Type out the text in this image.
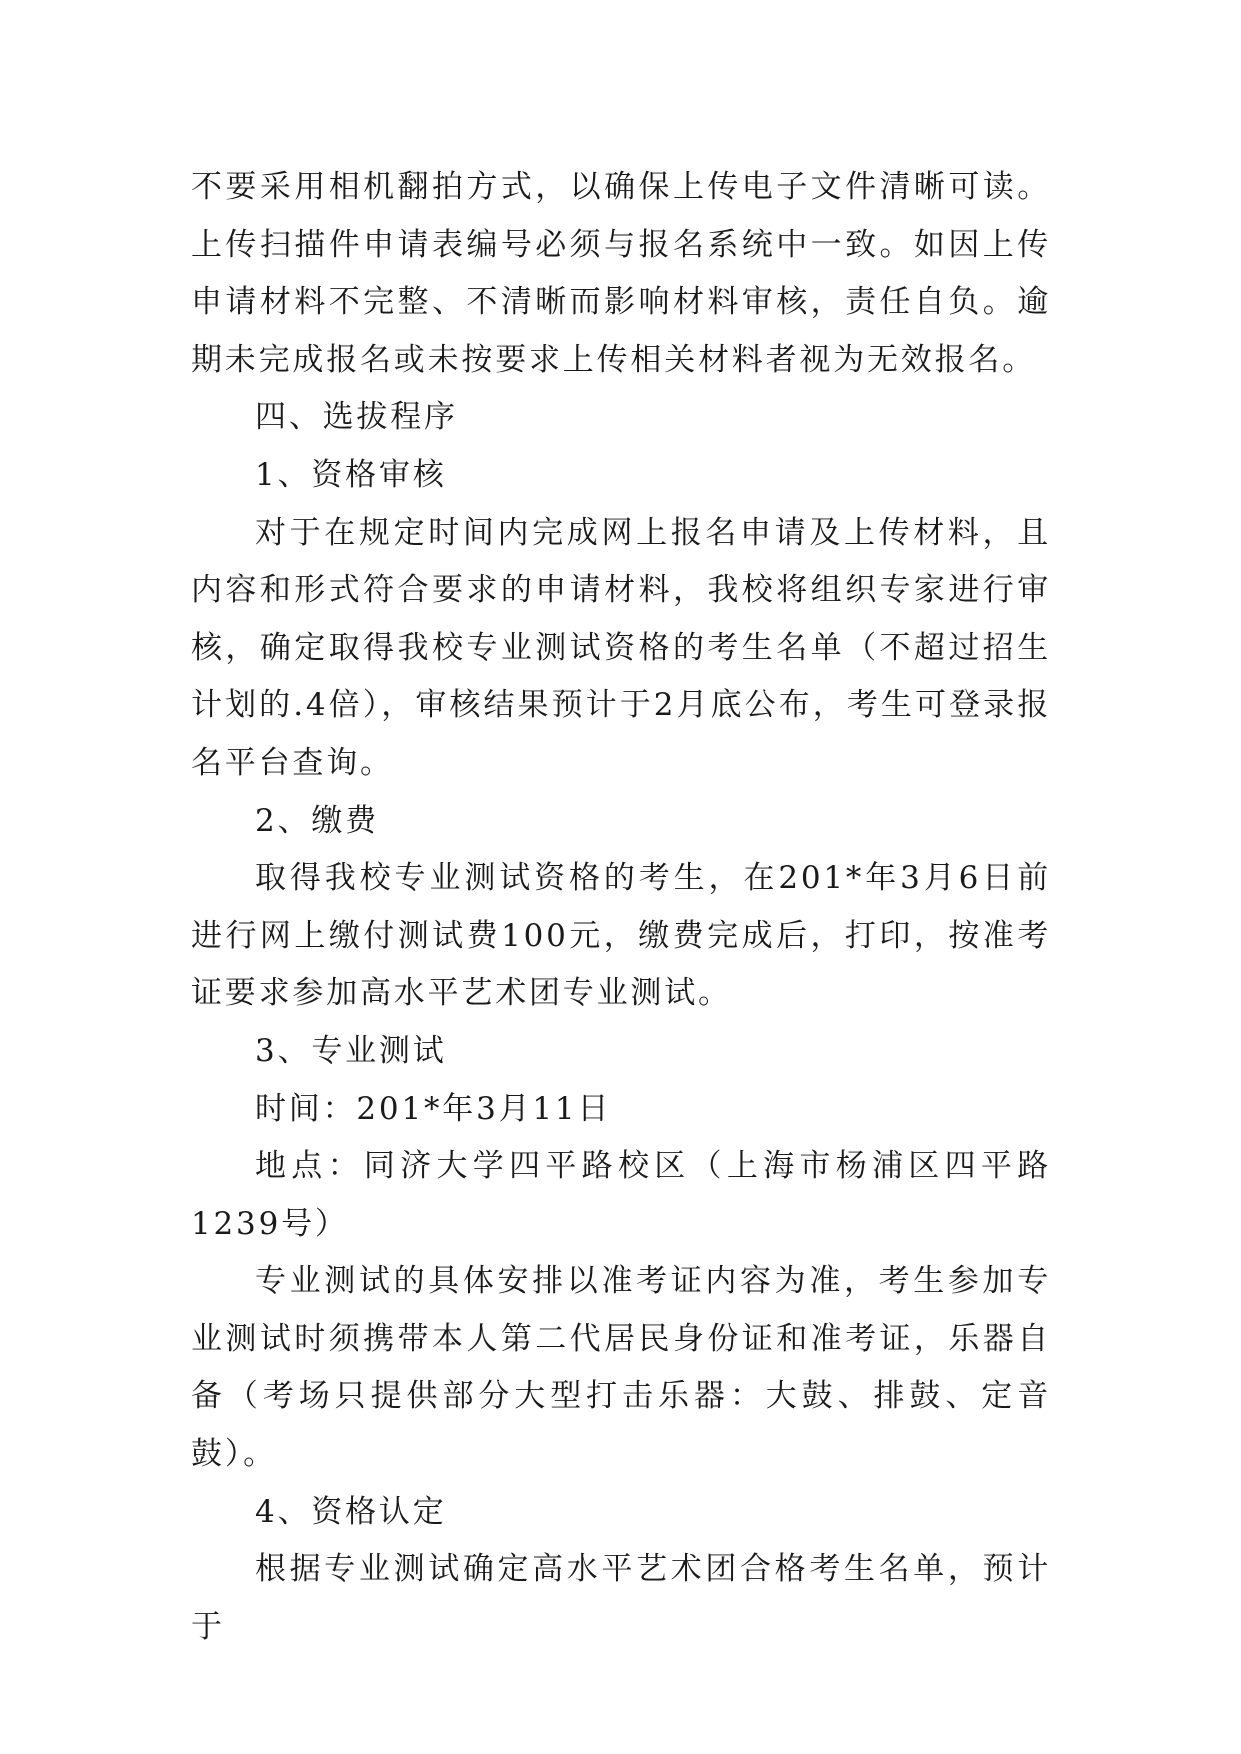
不要采用相机翻拍方式，以确保上传电子文件清晰可读。上传扫描件申请表编号必须与报名系统中一致。如因上传申请材料不完整、不清晰而影响材料审核，责任自负。逾期未完成报名或未按要求上传相关材料者视为无效报名。

四、选拔程序

1、资格审核

对于在规定时间内完成网上报名申请及上传材料，且内容和形式符合要求的申请材料，我校将组织专家进行审核，确定取得我校专业测试资格的考生名单（不超过招生计划的.4倍），审核结果预计于2月底公布，考生可登录报名平台查询。

2、缴费

取得我校专业测试资格的考生，在201*年3月6日前进行网上缴付测试费100元，缴费完成后，打印，按准考证要求参加高水平艺术团专业测试。

3、专业测试

时间：201*年3月11日

地点：同济大学四平路校区（上海市杨浦区四平路1239号）

专业测试的具体安排以准考证内容为准，考生参加专业测试时须携带本人第二代居民身份证和准考证，乐器自备（考场只提供部分大型打击乐器：大鼓、排鼓、定音鼓）。

4、资格认定

根据专业测试确定高水平艺术团合格考生名单，预计于
